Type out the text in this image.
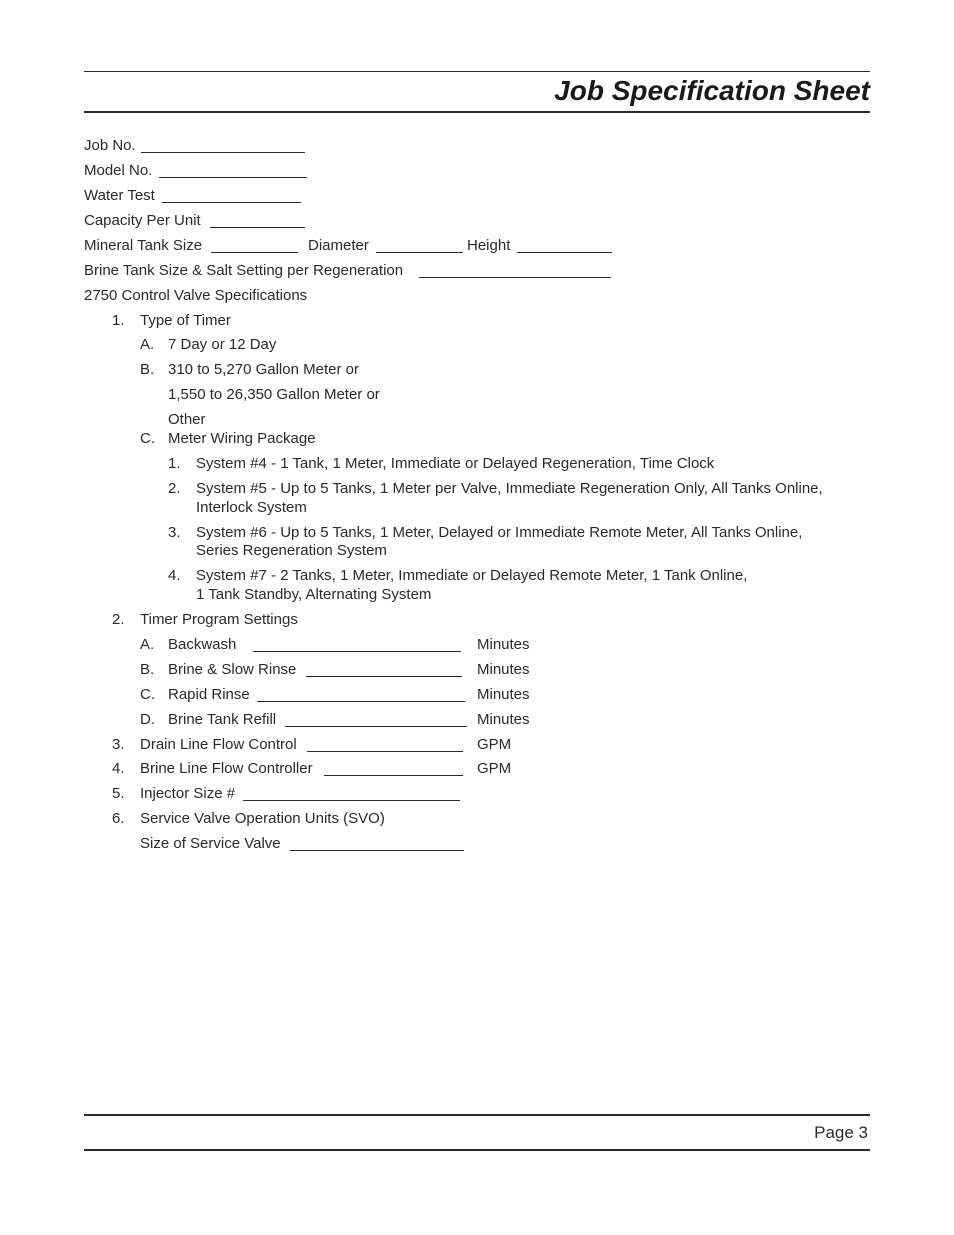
Job Specification Sheet
Job No.
Model No.
Water Test
Capacity Per Unit
Mineral Tank Size	Diameter	Height
Brine Tank Size & Salt Setting per Regeneration
2750 Control Valve Specifications
1. Type of Timer
A. 7 Day or 12 Day
B. 310 to 5,270 Gallon Meter or
1,550 to 26,350 Gallon Meter or
Other
C. Meter Wiring Package
1. System #4 - 1 Tank, 1 Meter, Immediate or Delayed Regeneration, Time Clock
2. System #5 - Up to 5 Tanks, 1 Meter per Valve, Immediate Regeneration Only, All Tanks Online,
Interlock System
3. System #6 - Up to 5 Tanks, 1 Meter, Delayed or Immediate Remote Meter, All Tanks Online,
Series Regeneration System
4. System #7 - 2 Tanks, 1 Meter, Immediate or Delayed Remote Meter, 1 Tank Online,
1 Tank Standby, Alternating System
2. Timer Program Settings
A. Backwash	Minutes
B. Brine & Slow Rinse	Minutes
C. Rapid Rinse	Minutes
D. Brine Tank Refill	Minutes
3. Drain Line Flow Control	GPM
4. Brine Line Flow Controller	GPM
5. Injector Size #
6. Service Valve Operation Units (SVO)
Size of Service Valve
Page 3
